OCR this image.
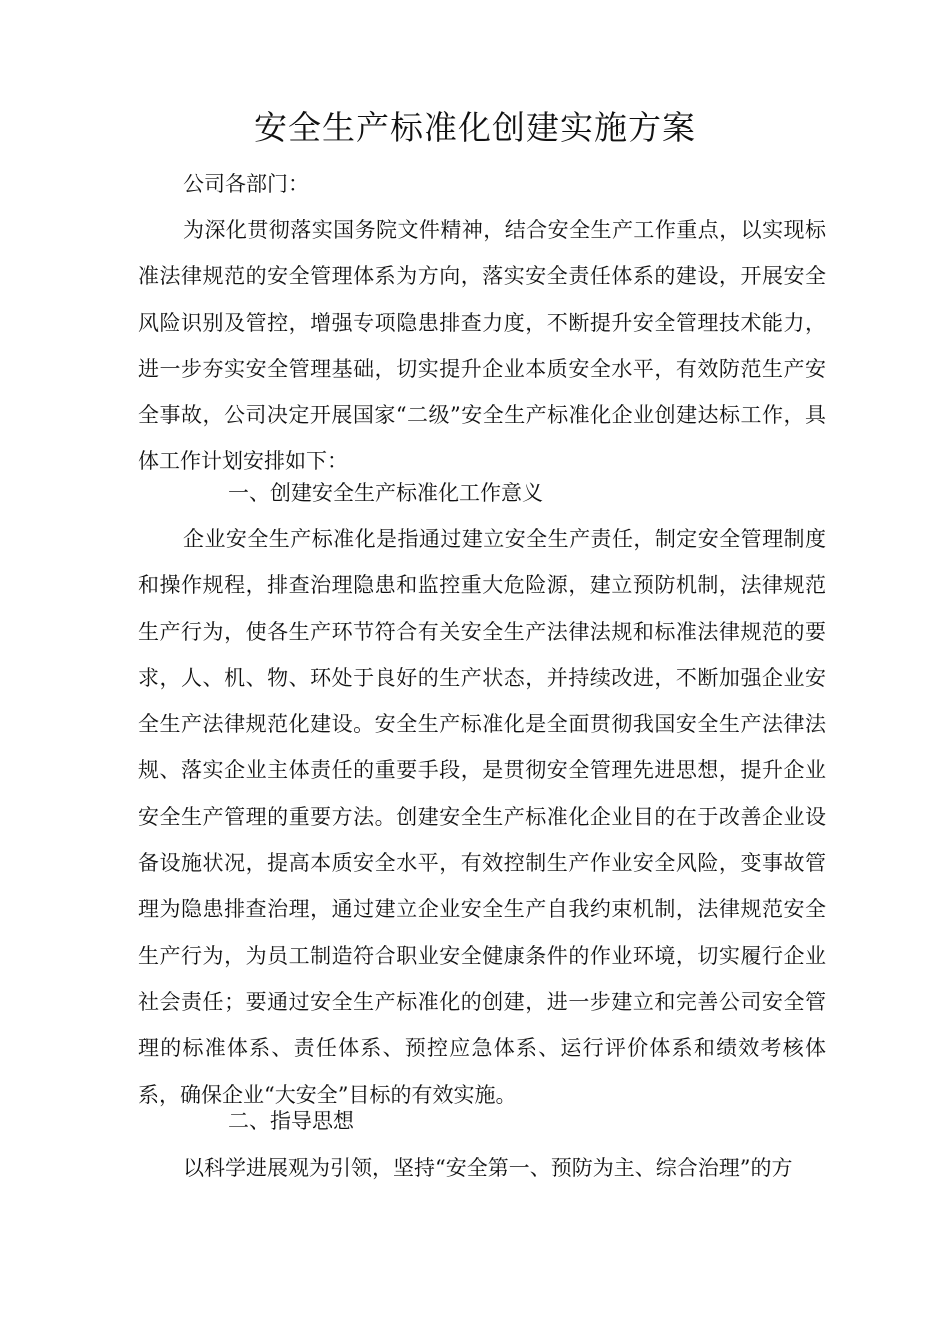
安全生产标准化创建实施方案

公司各部门：

为深化贯彻落实国务院文件精神，结合安全生产工作重点，以实现标准法律规范的安全管理体系为方向，落实安全责任体系的建设，开展安全风险识别及管控，增强专项隐患排查力度，不断提升安全管理技术能力，进一步夯实安全管理基础，切实提升企业本质安全水平，有效防范生产安全事故，公司决定开展国家“二级”安全生产标准化企业创建达标工作，具体工作计划安排如下：

一、创建安全生产标准化工作意义

企业安全生产标准化是指通过建立安全生产责任，制定安全管理制度和操作规程，排查治理隐患和监控重大危险源，建立预防机制，法律规范生产行为，使各生产环节符合有关安全生产法律法规和标准法律规范的要求，人、机、物、环处于良好的生产状态，并持续改进，不断加强企业安全生产法律规范化建设。安全生产标准化是全面贯彻我国安全生产法律法规、落实企业主体责任的重要手段，是贯彻安全管理先进思想，提升企业安全生产管理的重要方法。创建安全生产标准化企业目的在于改善企业设备设施状况，提高本质安全水平，有效控制生产作业安全风险，变事故管理为隐患排查治理，通过建立企业安全生产自我约束机制，法律规范安全生产行为，为员工制造符合职业安全健康条件的作业环境，切实履行企业社会责任；要通过安全生产标准化的创建，进一步建立和完善公司安全管理的标准体系、责任体系、预控应急体系、运行评价体系和绩效考核体系，确保企业“大安全”目标的有效实施。

二、指导思想

以科学进展观为引领，坚持“安全第一、预防为主、综合治理”的方
